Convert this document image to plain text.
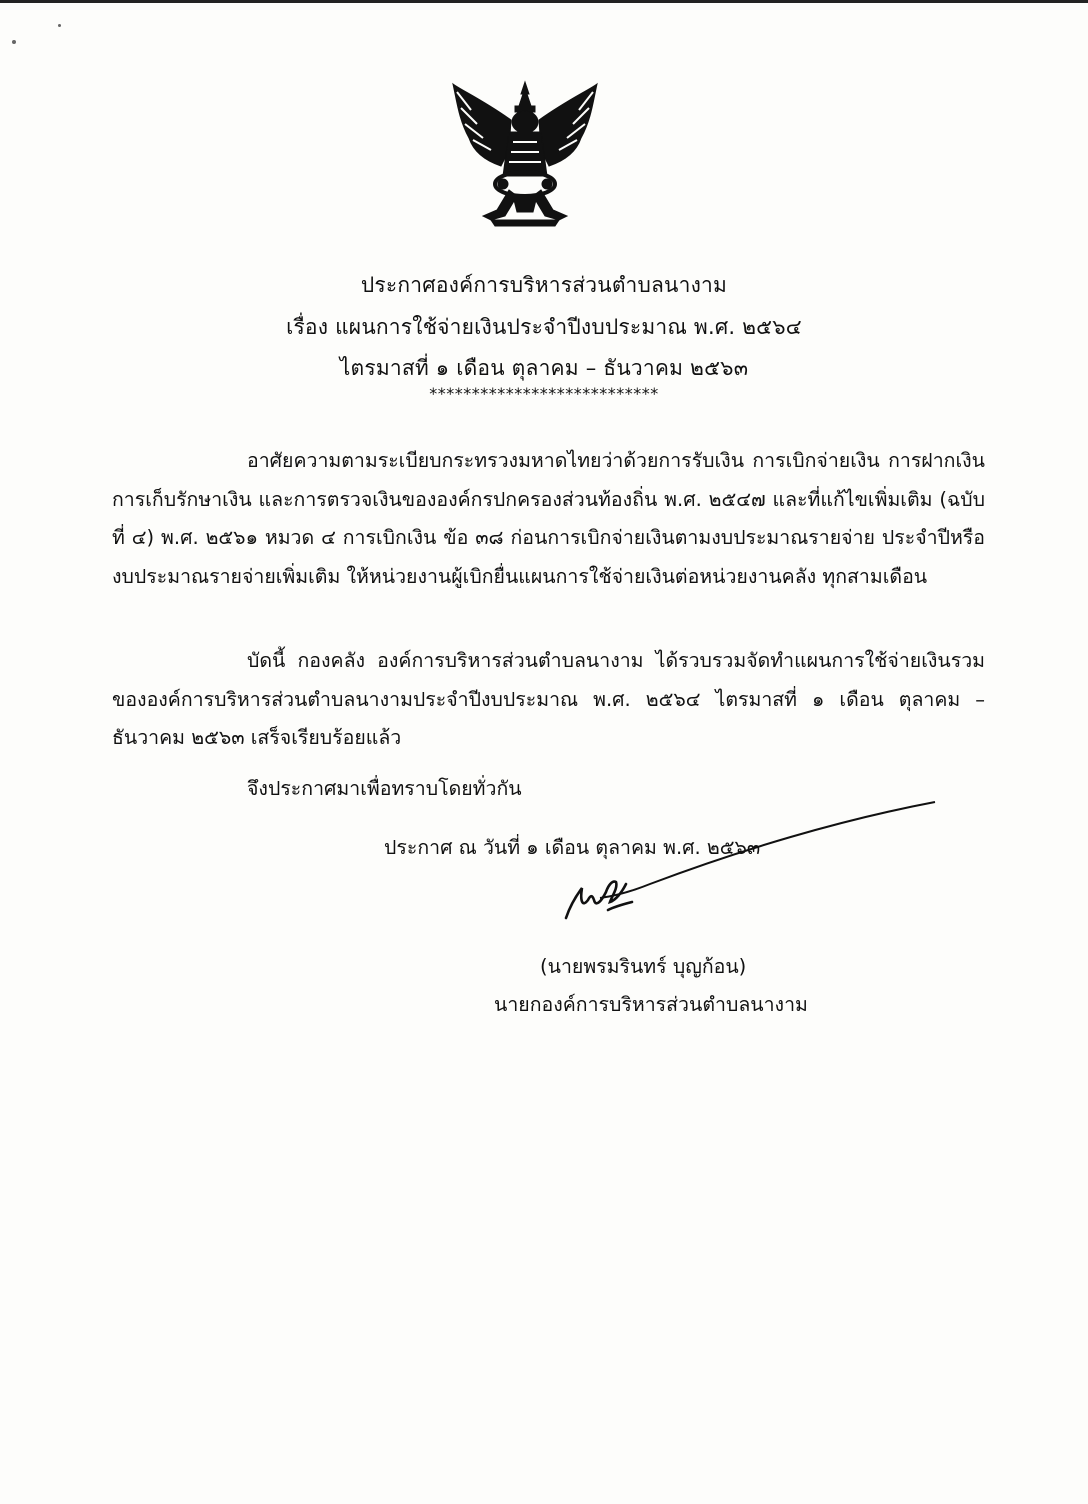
ประกาศองค์การบริหารส่วนตำบลนางาม
เรื่อง แผนการใช้จ่ายเงินประจำปีงบประมาณ พ.ศ. ๒๕๖๔
ไตรมาสที่ ๑ เดือน ตุลาคม – ธันวาคม ๒๕๖๓
***************************
อาศัยความตามระเบียบกระทรวงมหาดไทยว่าด้วยการรับเงิน การเบิกจ่ายเงิน การฝากเงิน การเก็บรักษาเงิน และการตรวจเงินขององค์กรปกครองส่วนท้องถิ่น พ.ศ. ๒๕๔๗ และที่แก้ไขเพิ่มเติม (ฉบับที่ ๔) พ.ศ. ๒๕๖๑ หมวด ๔ การเบิกเงิน ข้อ ๓๘ ก่อนการเบิกจ่ายเงินตามงบประมาณรายจ่าย ประจำปีหรืองบประมาณรายจ่ายเพิ่มเติม ให้หน่วยงานผู้เบิกยื่นแผนการใช้จ่ายเงินต่อหน่วยงานคลัง ทุกสามเดือน
บัดนี้ กองคลัง องค์การบริหารส่วนตำบลนางาม ได้รวบรวมจัดทำแผนการใช้จ่ายเงินรวม ขององค์การบริหารส่วนตำบลนางามประจำปีงบประมาณ พ.ศ. ๒๕๖๔ ไตรมาสที่ ๑ เดือน ตุลาคม – ธันวาคม ๒๕๖๓ เสร็จเรียบร้อยแล้ว
จึงประกาศมาเพื่อทราบโดยทั่วกัน
ประกาศ ณ วันที่ ๑ เดือน ตุลาคม พ.ศ. ๒๕๖๓
(นายพรมรินทร์ บุญก้อน)
นายกองค์การบริหารส่วนตำบลนางาม
